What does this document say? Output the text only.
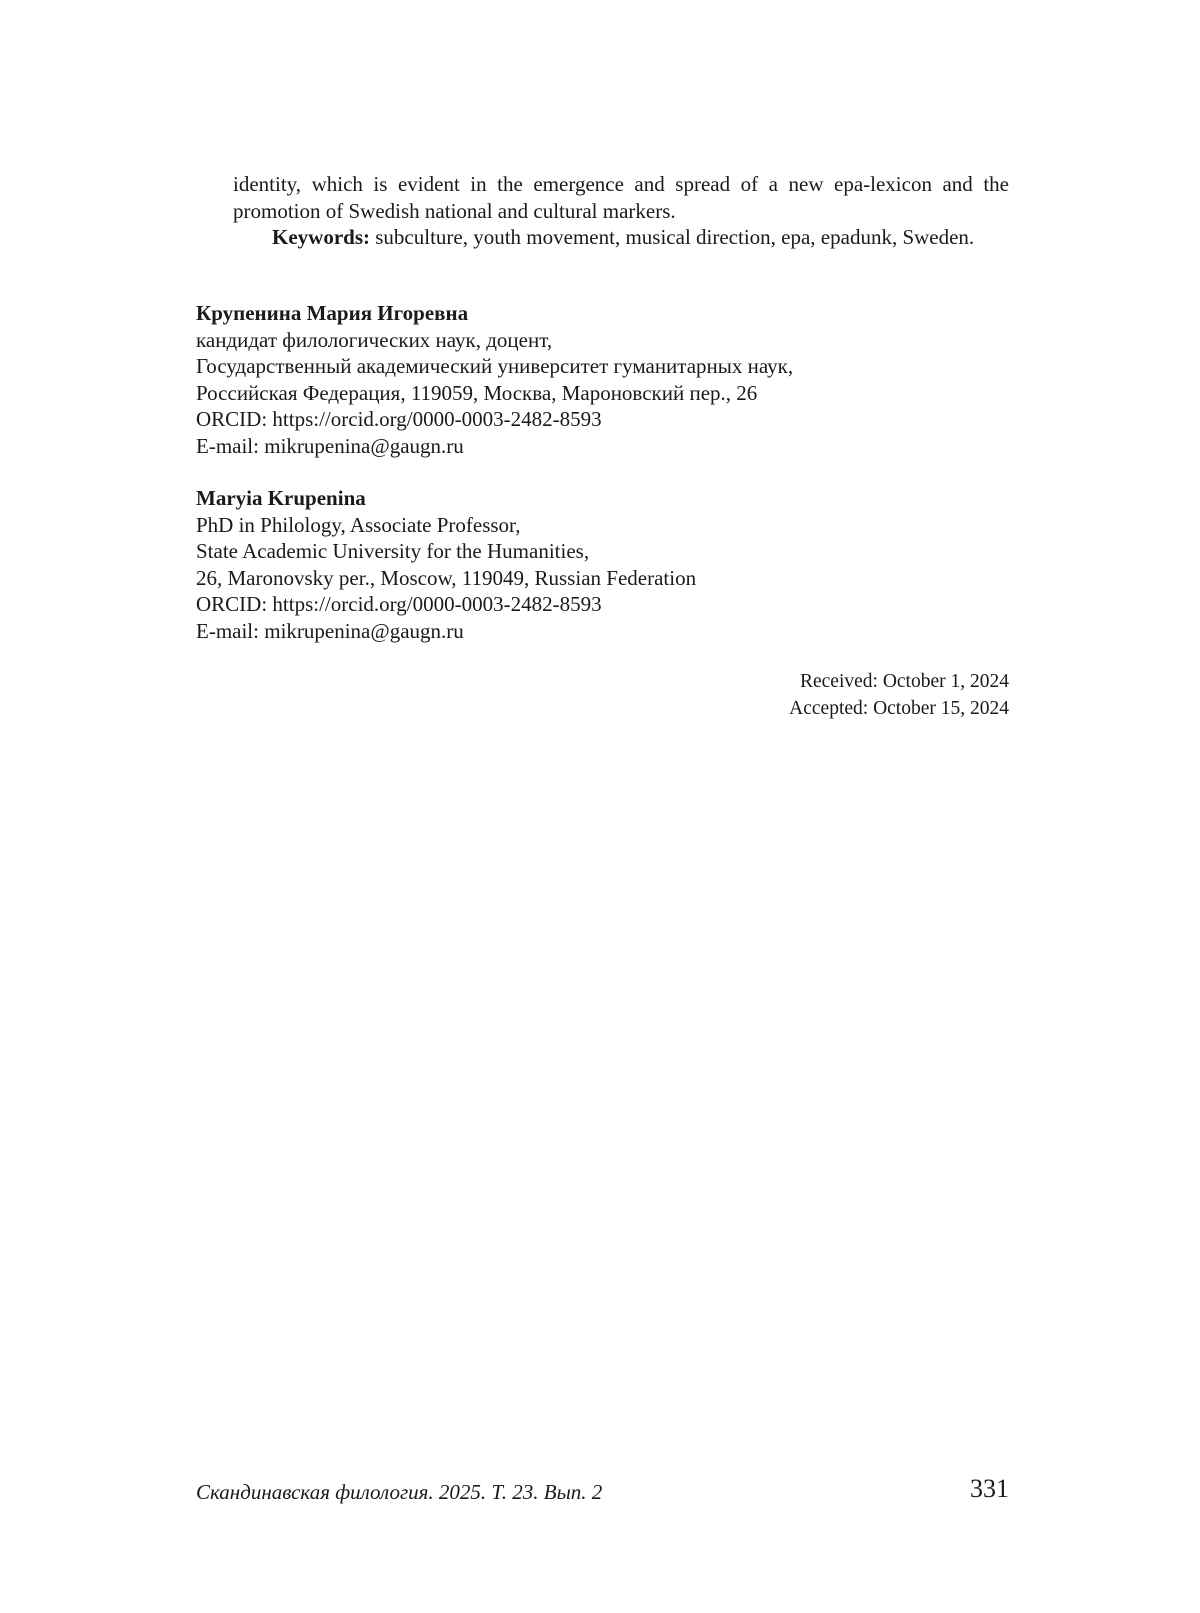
identity, which is evident in the emergence and spread of a new epa-lexicon and the

promotion of Swedish national and cultural markers.

Keywords: subculture, youth movement, musical direction, epa, epadunk, Sweden.

Крупенина Мария Игоревна
кандидат филологических наук, доцент,
Государственный академический университет гуманитарных наук,
Российская Федерация, 119059, Москва, Мароновский пер., 26
ORCID: https://orcid.org/0000-0003-2482-8593
E-mail: mikrupenina@gaugn.ru
Maryia Krupenina
PhD in Philology, Associate Professor,
State Academic University for the Humanities,
26, Maronovsky per., Moscow, 119049, Russian Federation
ORCID: https://orcid.org/0000-0003-2482-8593
E-mail: mikrupenina@gaugn.ru
Received: October 1, 2024
Accepted: October 15, 2024
Скандинавская филология. 2025. Т. 23. Вып. 2	331
